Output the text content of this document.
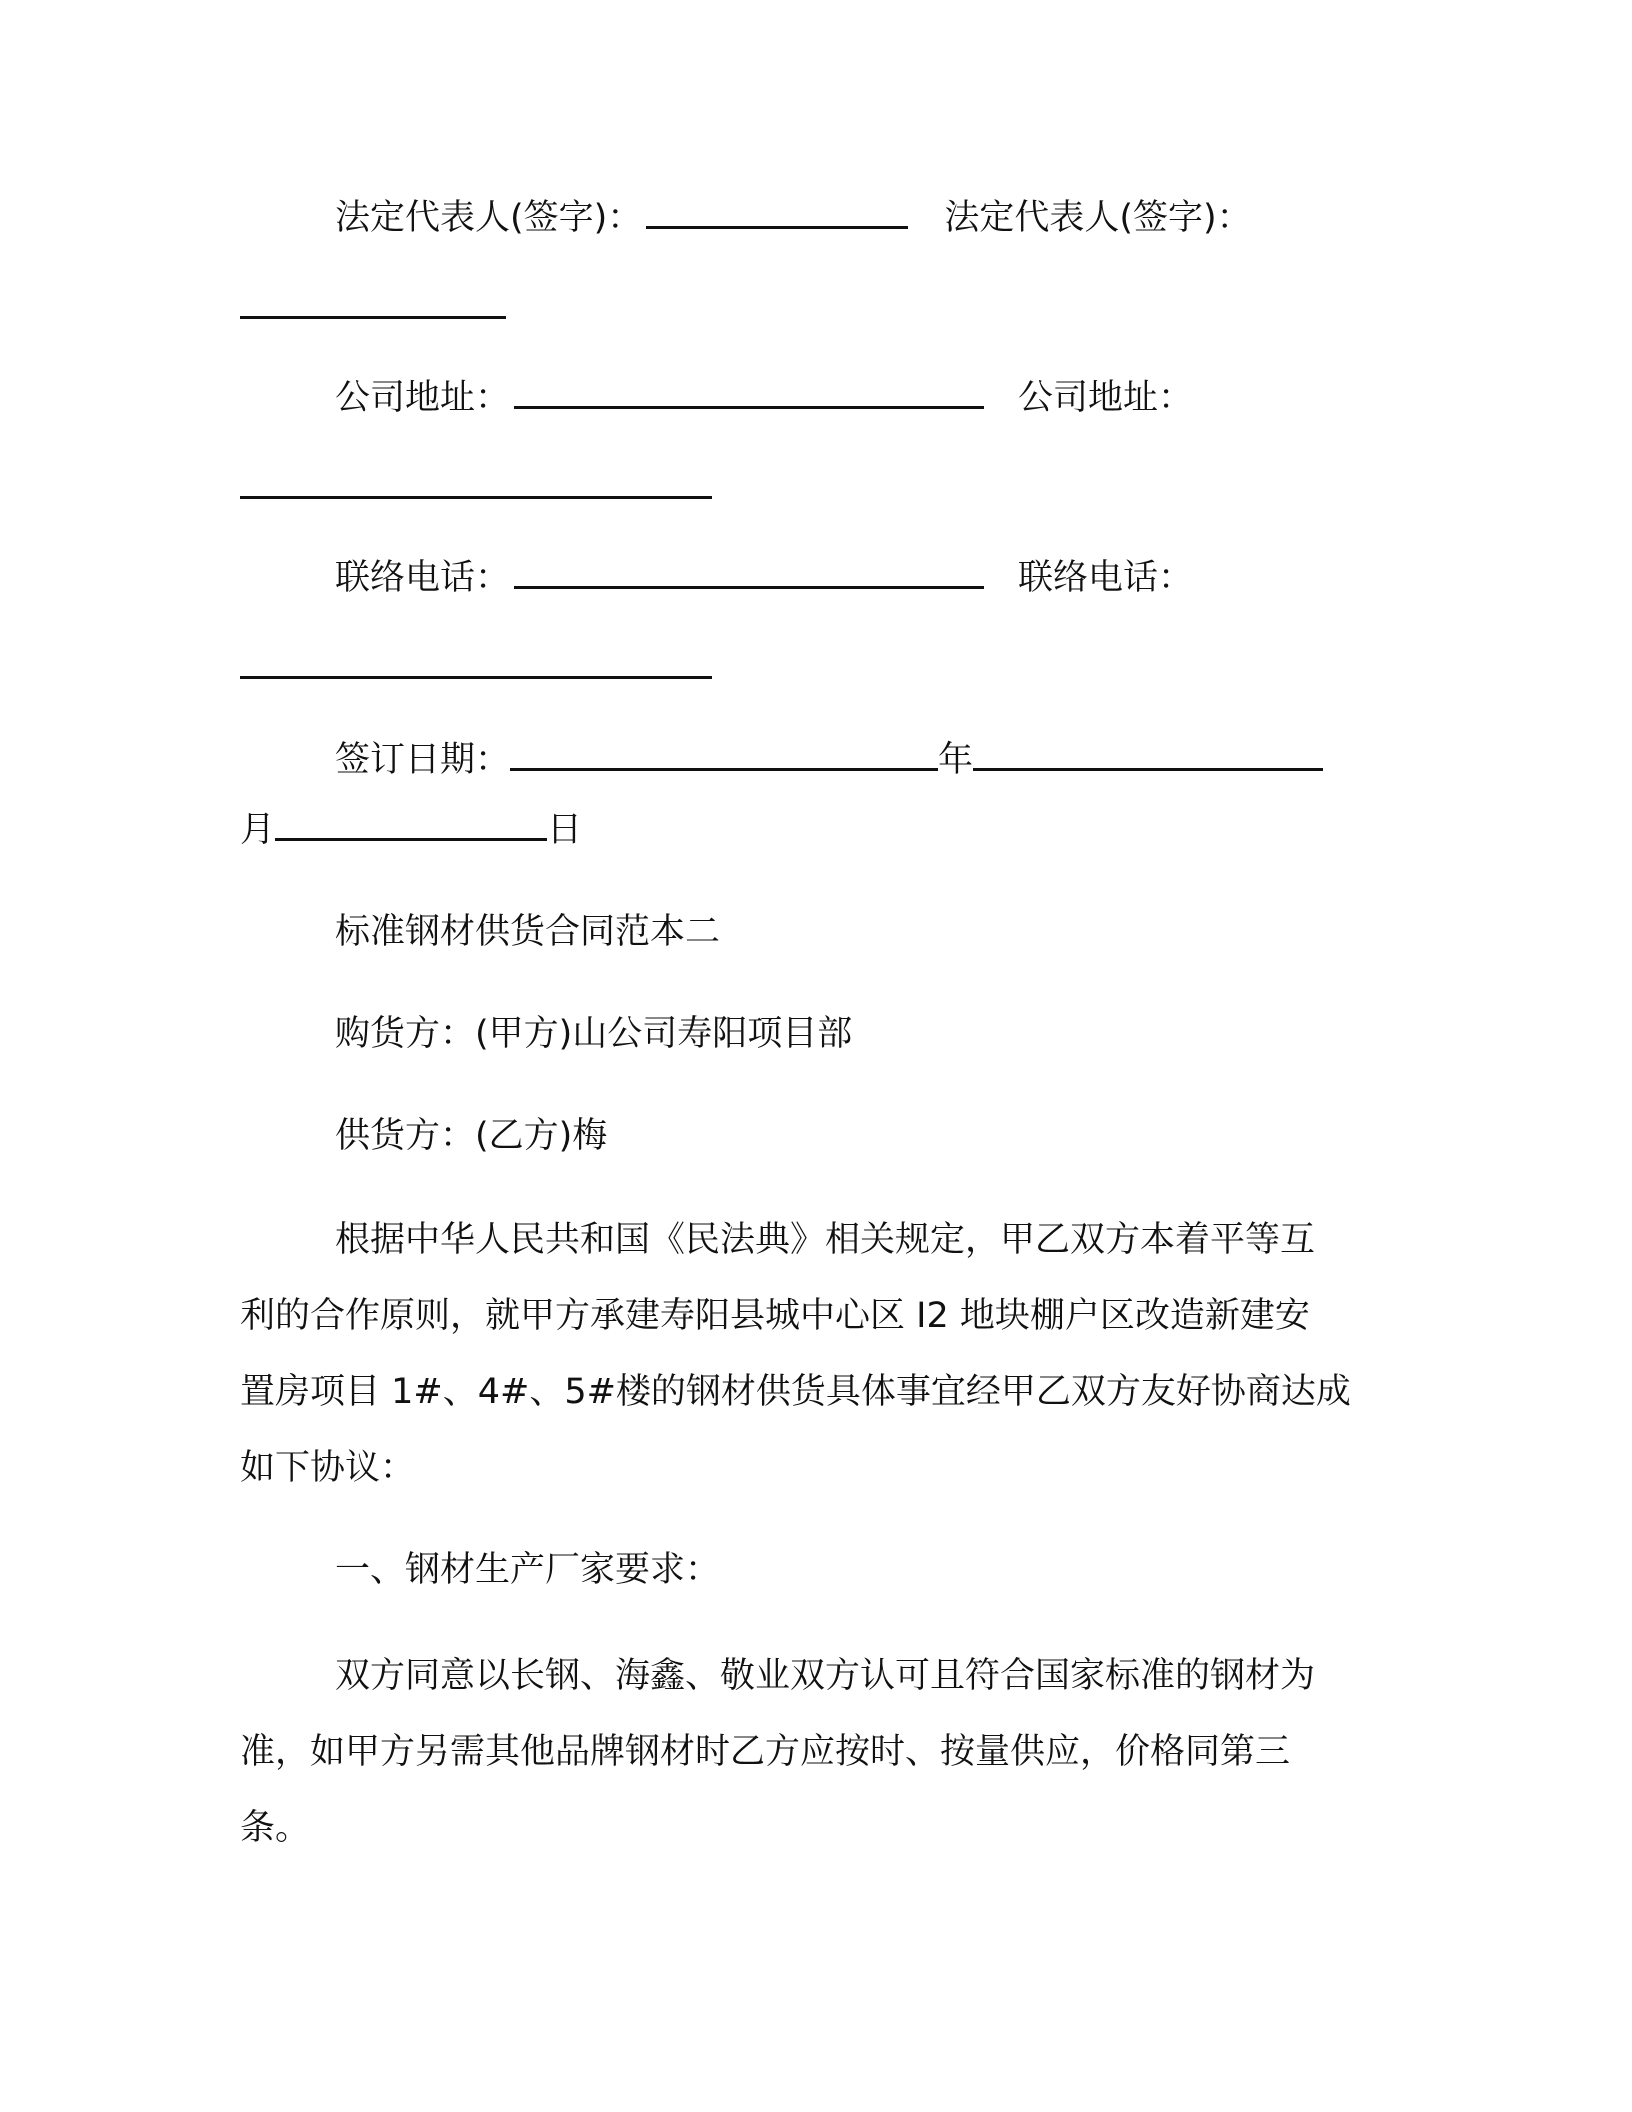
法定代表人(签字)：	法定代表人(签字)：
公司地址：	公司地址：
联络电话：	联络电话：
签订日期：	年
月	日
标准钢材供货合同范本二
购货方：(甲方)山公司寿阳项目部
供货方：(乙方)梅
根据中华人民共和国《民法典》相关规定，甲乙双方本着平等互
利的合作原则，就甲方承建寿阳县城中心区 I2 地块棚户区改造新建安
置房项目 1#、4#、5#楼的钢材供货具体事宜经甲乙双方友好协商达成
如下协议：
一、钢材生产厂家要求：
双方同意以长钢、海鑫、敬业双方认可且符合国家标准的钢材为
准，如甲方另需其他品牌钢材时乙方应按时、按量供应，价格同第三
条。
